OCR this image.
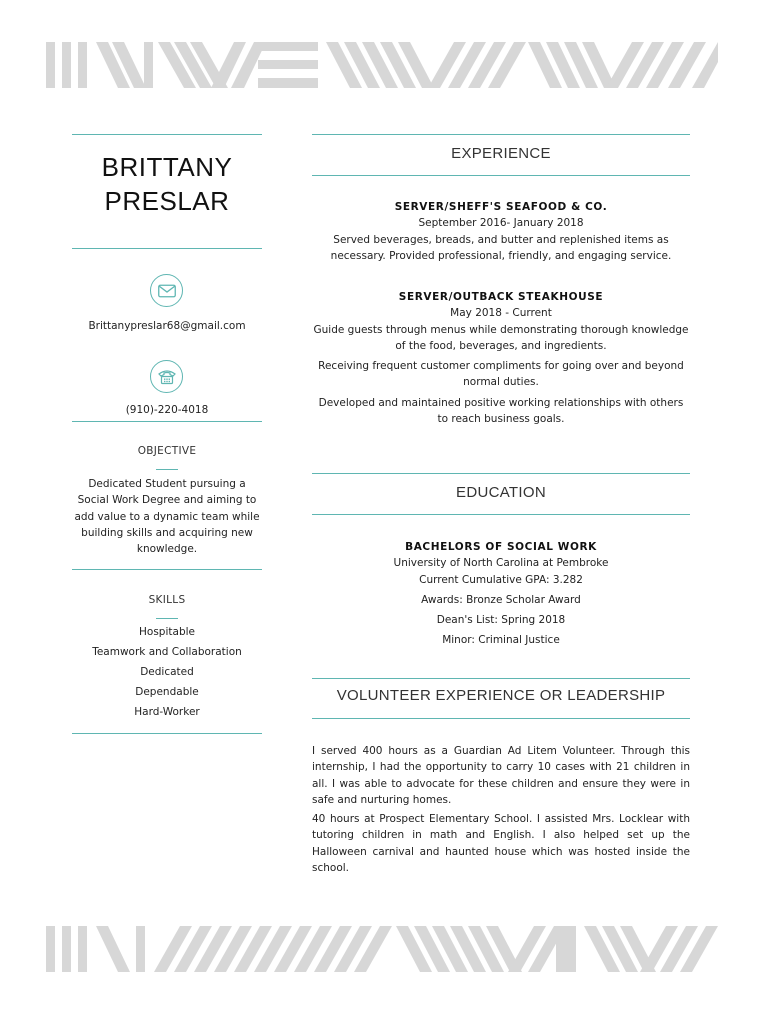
BRITTANY
PRESLAR
Brittanypreslar68@gmail.com
(910)-220-4018
OBJECTIVE
Dedicated Student pursuing a Social Work Degree and aiming to add value to a dynamic team while building skills and acquiring new knowledge.
SKILLS
Hospitable
Teamwork and Collaboration
Dedicated
Dependable
Hard-Worker
EXPERIENCE

SERVER/SHEFF'S SEAFOOD & CO.

September 2016- January 2018

Served beverages, breads, and butter and replenished items as necessary. Provided professional, friendly, and engaging service.

SERVER/OUTBACK STEAKHOUSE

May 2018 - Current

Guide guests through menus while demonstrating thorough knowledge of the food, beverages, and ingredients.

Receiving frequent customer compliments for going over and beyond normal duties.

Developed and maintained positive working relationships with others to reach business goals.

EDUCATION

BACHELORS OF SOCIAL WORK

University of North Carolina at Pembroke

Current Cumulative GPA: 3.282

Awards: Bronze Scholar Award

Dean's List: Spring 2018

Minor: Criminal Justice

VOLUNTEER EXPERIENCE OR LEADERSHIP

I served 400 hours as a Guardian Ad Litem Volunteer. Through this internship, I had the opportunity to carry 10 cases with 21 children in all. I was able to advocate for these children and ensure they were in safe and nurturing homes.

40 hours at Prospect Elementary School. I assisted Mrs. Locklear with tutoring children in math and English. I also helped set up the Halloween carnival and haunted house which was hosted inside the school.
